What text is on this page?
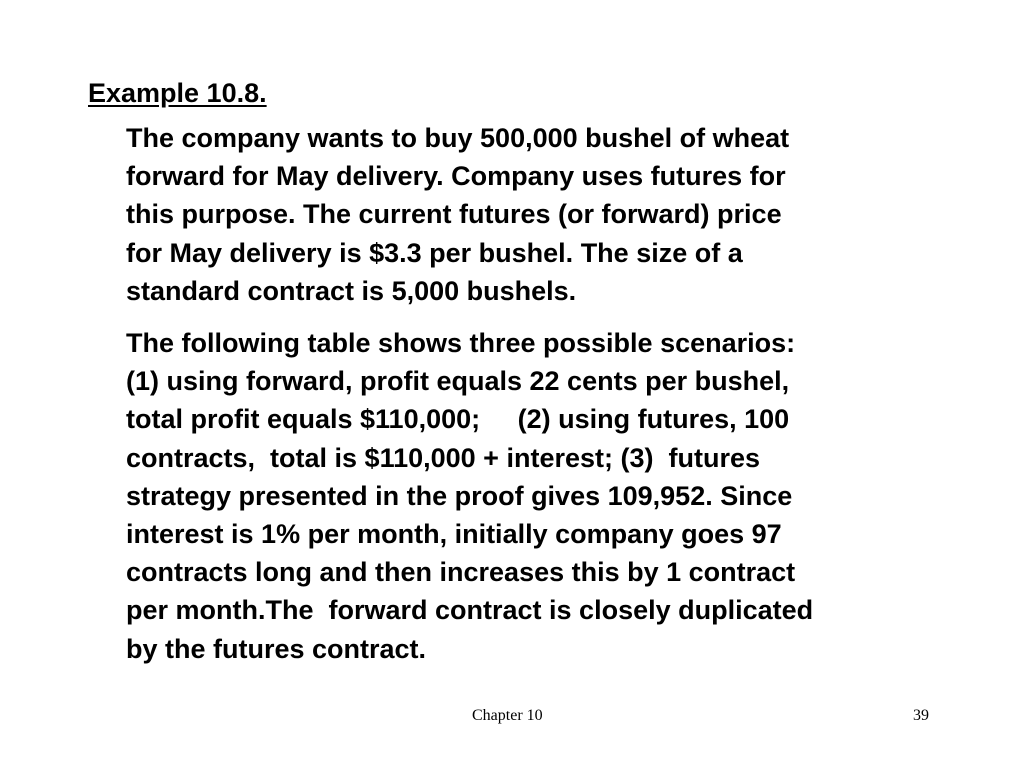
Example 10.8.
The company wants to buy 500,000 bushel of wheat
forward for May delivery. Company uses futures for
this purpose. The current futures (or forward) price
for May delivery is $3.3 per bushel. The size of a
standard contract is 5,000 bushels.
The following table shows three possible scenarios:
(1) using forward, profit equals 22 cents per bushel,
total profit equals $110,000;     (2) using futures, 100
contracts,  total is $110,000 + interest; (3)  futures
strategy presented in the proof gives 109,952. Since
interest is 1% per month, initially company goes 97
contracts long and then increases this by 1 contract
per month.The  forward contract is closely duplicated
by the futures contract.
Chapter 10	39
